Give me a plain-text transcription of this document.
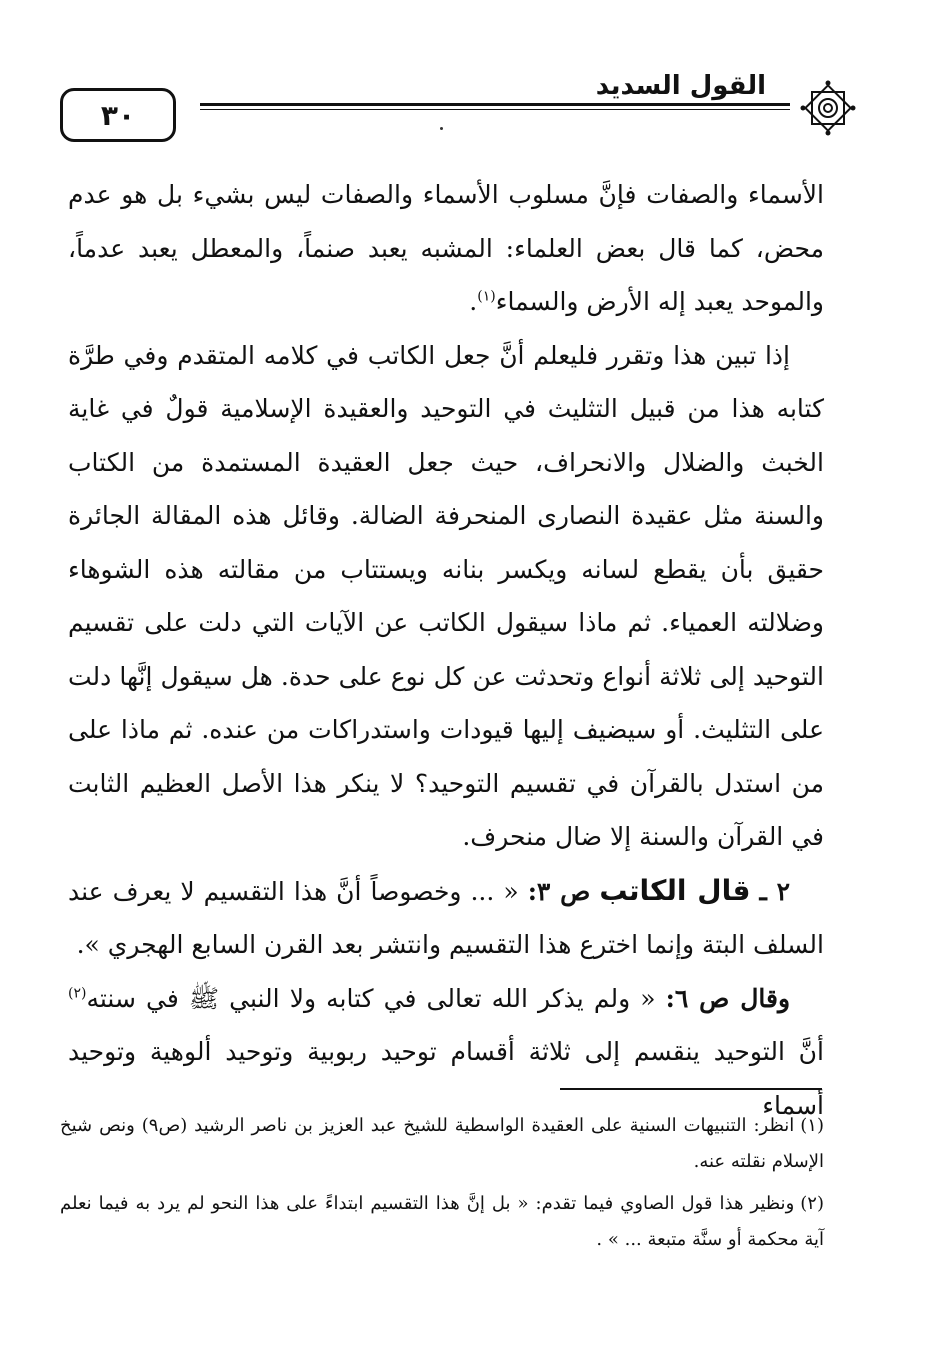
القول السديد
٣٠

الأسماء والصفات فإنَّ مسلوب الأسماء والصفات ليس بشيء بل هو عدم محض، كما قال بعض العلماء: المشبه يعبد صنماً، والمعطل يعبد عدماً، والموحد يعبد إله الأرض والسماء$^{(١)}$.

إذا تبين هذا وتقرر فليعلم أنَّ جعل الكاتب في كلامه المتقدم وفي طرَّة كتابه هذا من قبيل التثليث في التوحيد والعقيدة الإسلامية قولٌ في غاية الخبث والضلال والانحراف، حيث جعل العقيدة المستمدة من الكتاب والسنة مثل عقيدة النصارى المنحرفة الضالة. وقائل هذه المقالة الجائرة حقيق بأن يقطع لسانه ويكسر بنانه ويستتاب من مقالته هذه الشوهاء وضلالته العمياء. ثم ماذا سيقول الكاتب عن الآيات التي دلت على تقسيم التوحيد إلى ثلاثة أنواع وتحدثت عن كل نوع على حدة. هل سيقول إنَّها دلت على التثليث. أو سيضيف إليها قيودات واستدراكات من عنده. ثم ماذا على من استدل بالقرآن في تقسيم التوحيد؟ لا ينكر هذا الأصل العظيم الثابت في القرآن والسنة إلا ضال منحرف.

٢ ـ قال الكاتب ص ٣: « ... وخصوصاً أنَّ هذا التقسيم لا يعرف عند السلف البتة وإنما اخترع هذا التقسيم وانتشر بعد القرن السابع الهجري ».

وقال ص ٦: « ولم يذكر الله تعالى في كتابه ولا النبي ﷺ في سنته$^{(٢)}$ أنَّ التوحيد ينقسم إلى ثلاثة أقسام توحيد ربوبية وتوحيد ألوهية وتوحيد أسماء

(١)انظر: التنبيهات السنية على العقيدة الواسطية للشيخ عبد العزيز بن ناصر الرشيد (ص٩) ونص شيخ الإسلام نقلته عنه.

(٢)ونظير هذا قول الصاوي فيما تقدم: « بل إنَّ هذا التقسيم ابتداءً على هذا النحو لم يرد به فيما نعلم آية محكمة أو سنَّة متبعة ... » .
